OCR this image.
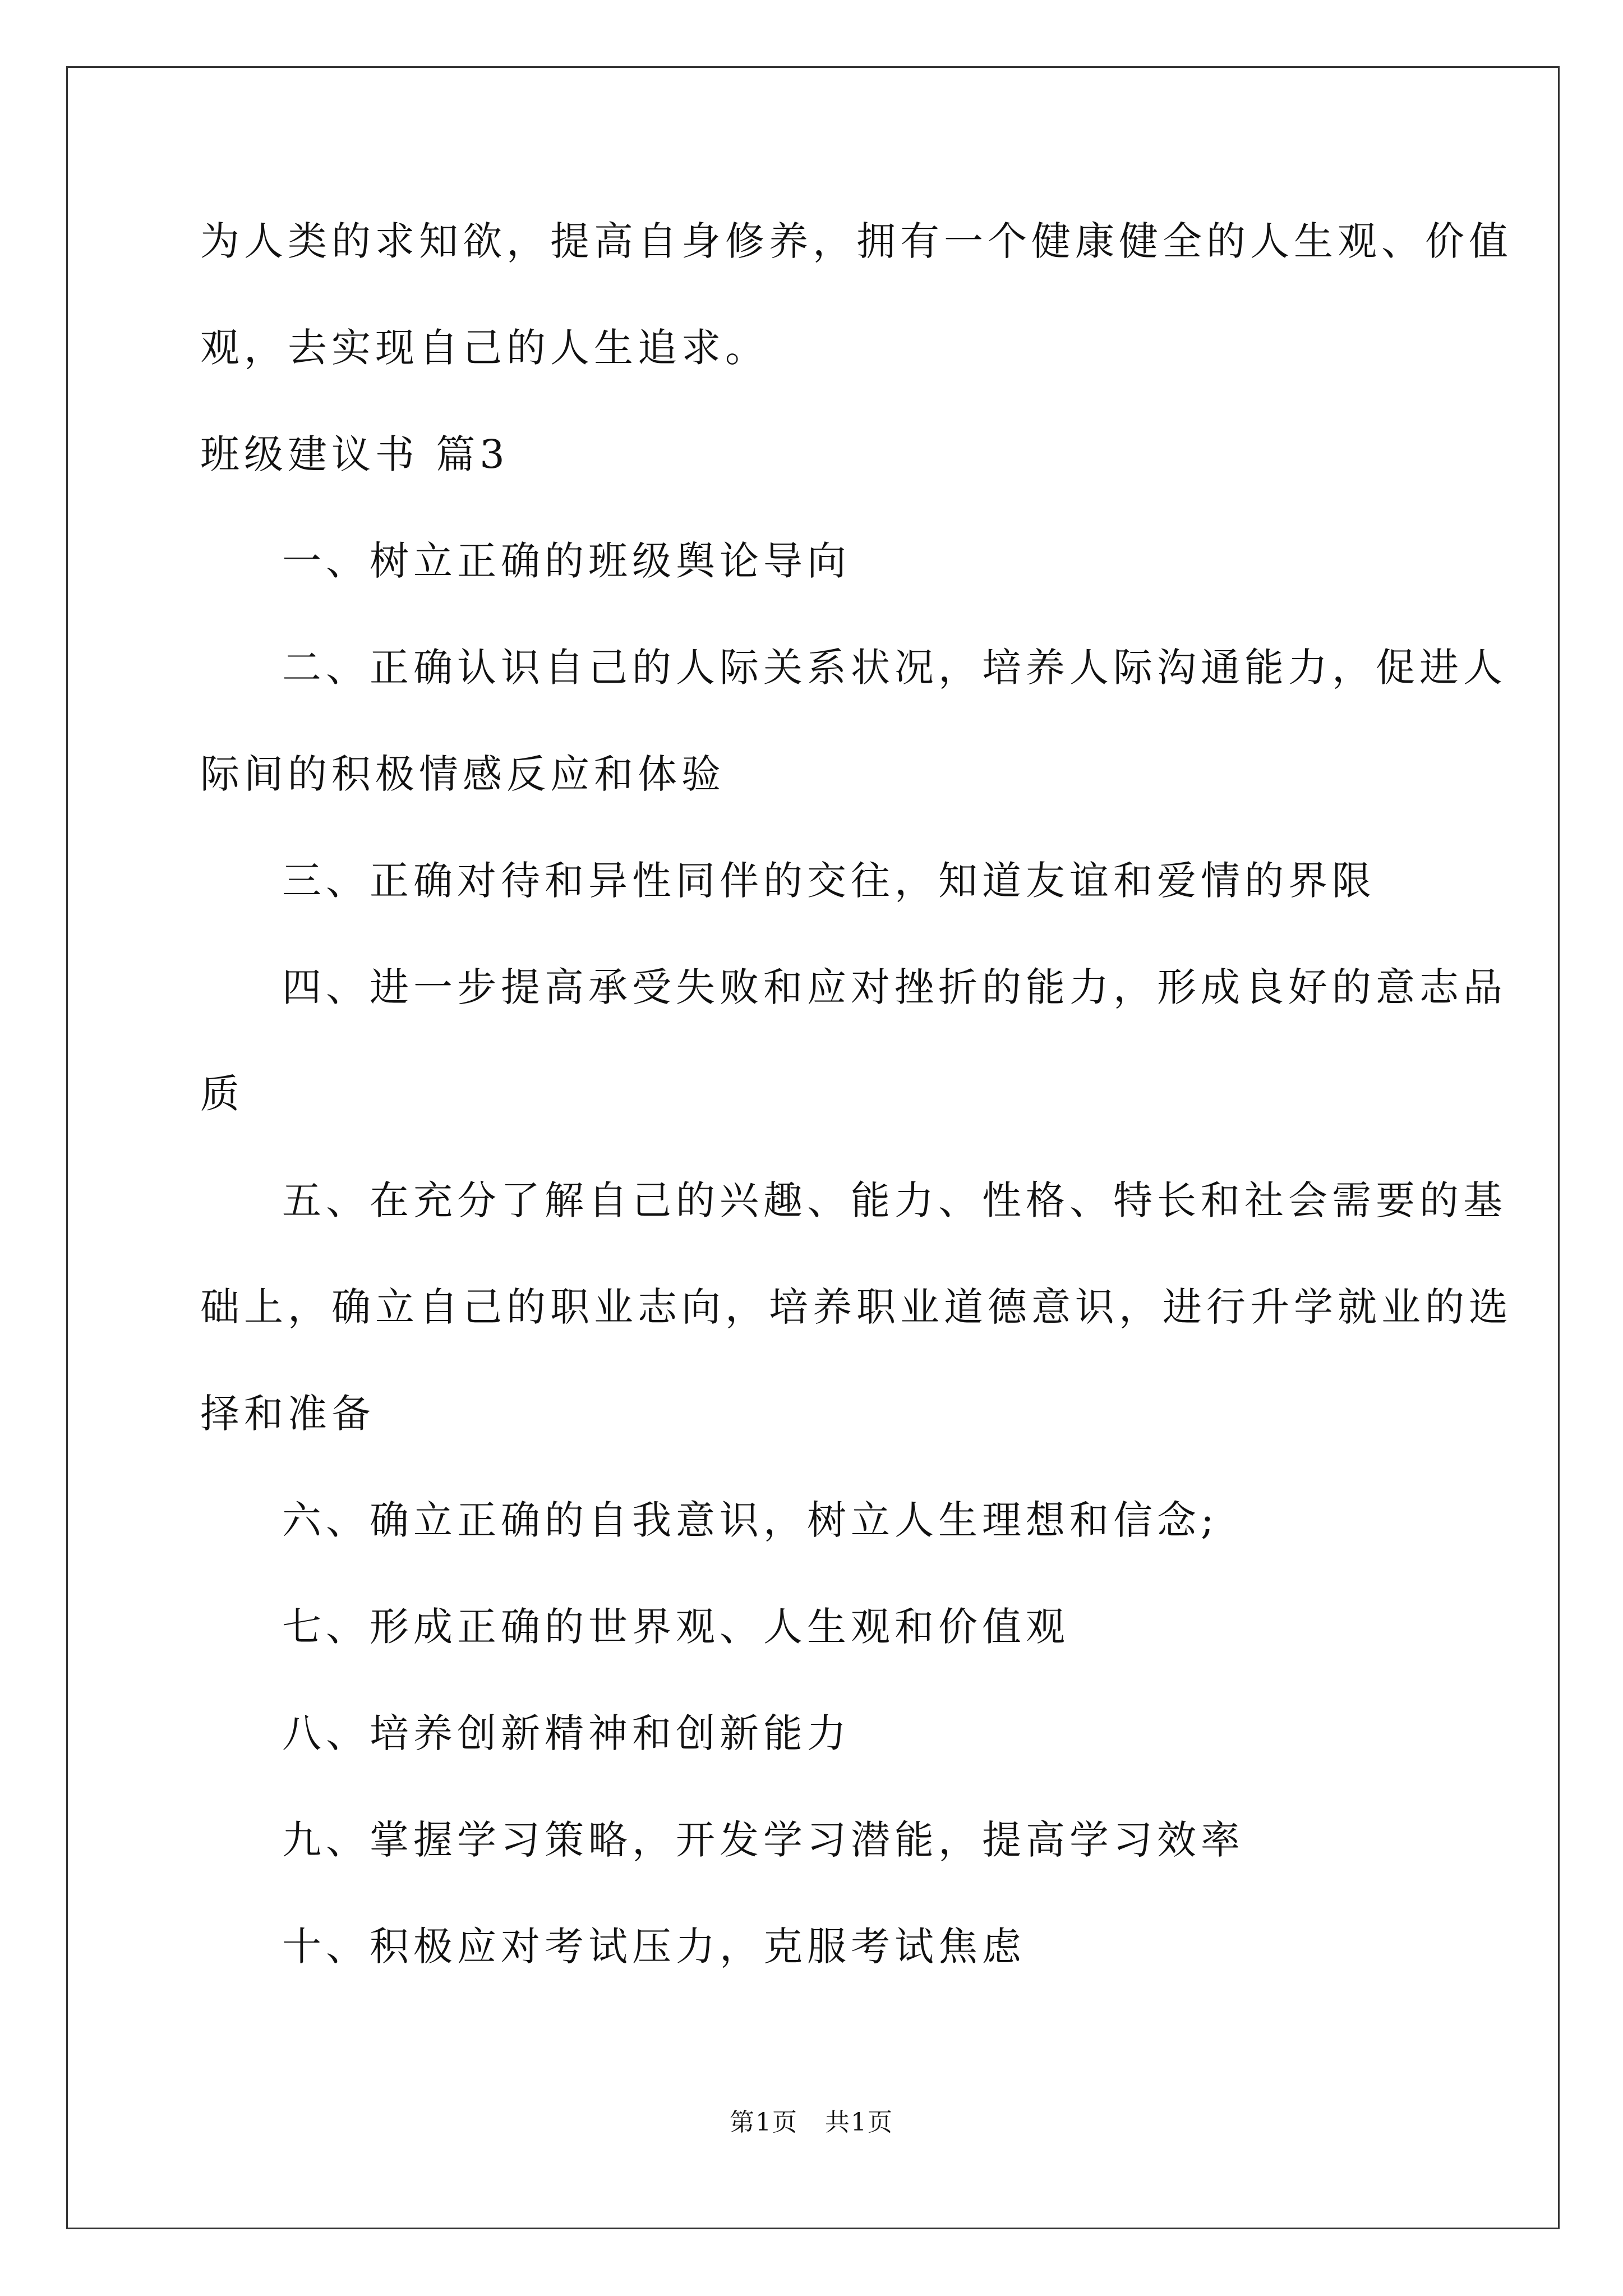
为人类的求知欲，提高自身修养，拥有一个健康健全的人生观、价值
观，去实现自己的人生追求。
班级建议书 篇3
一、树立正确的班级舆论导向
二、正确认识自己的人际关系状况，培养人际沟通能力，促进人
际间的积极情感反应和体验
三、正确对待和异性同伴的交往，知道友谊和爱情的界限
四、进一步提高承受失败和应对挫折的能力，形成良好的意志品
质
五、在充分了解自己的兴趣、能力、性格、特长和社会需要的基
础上，确立自己的职业志向，培养职业道德意识，进行升学就业的选
择和准备
六、确立正确的自我意识，树立人生理想和信念;
七、形成正确的世界观、人生观和价值观
八、培养创新精神和创新能力
九、掌握学习策略，开发学习潜能，提高学习效率
十、积极应对考试压力，克服考试焦虑
第1页   共1页
